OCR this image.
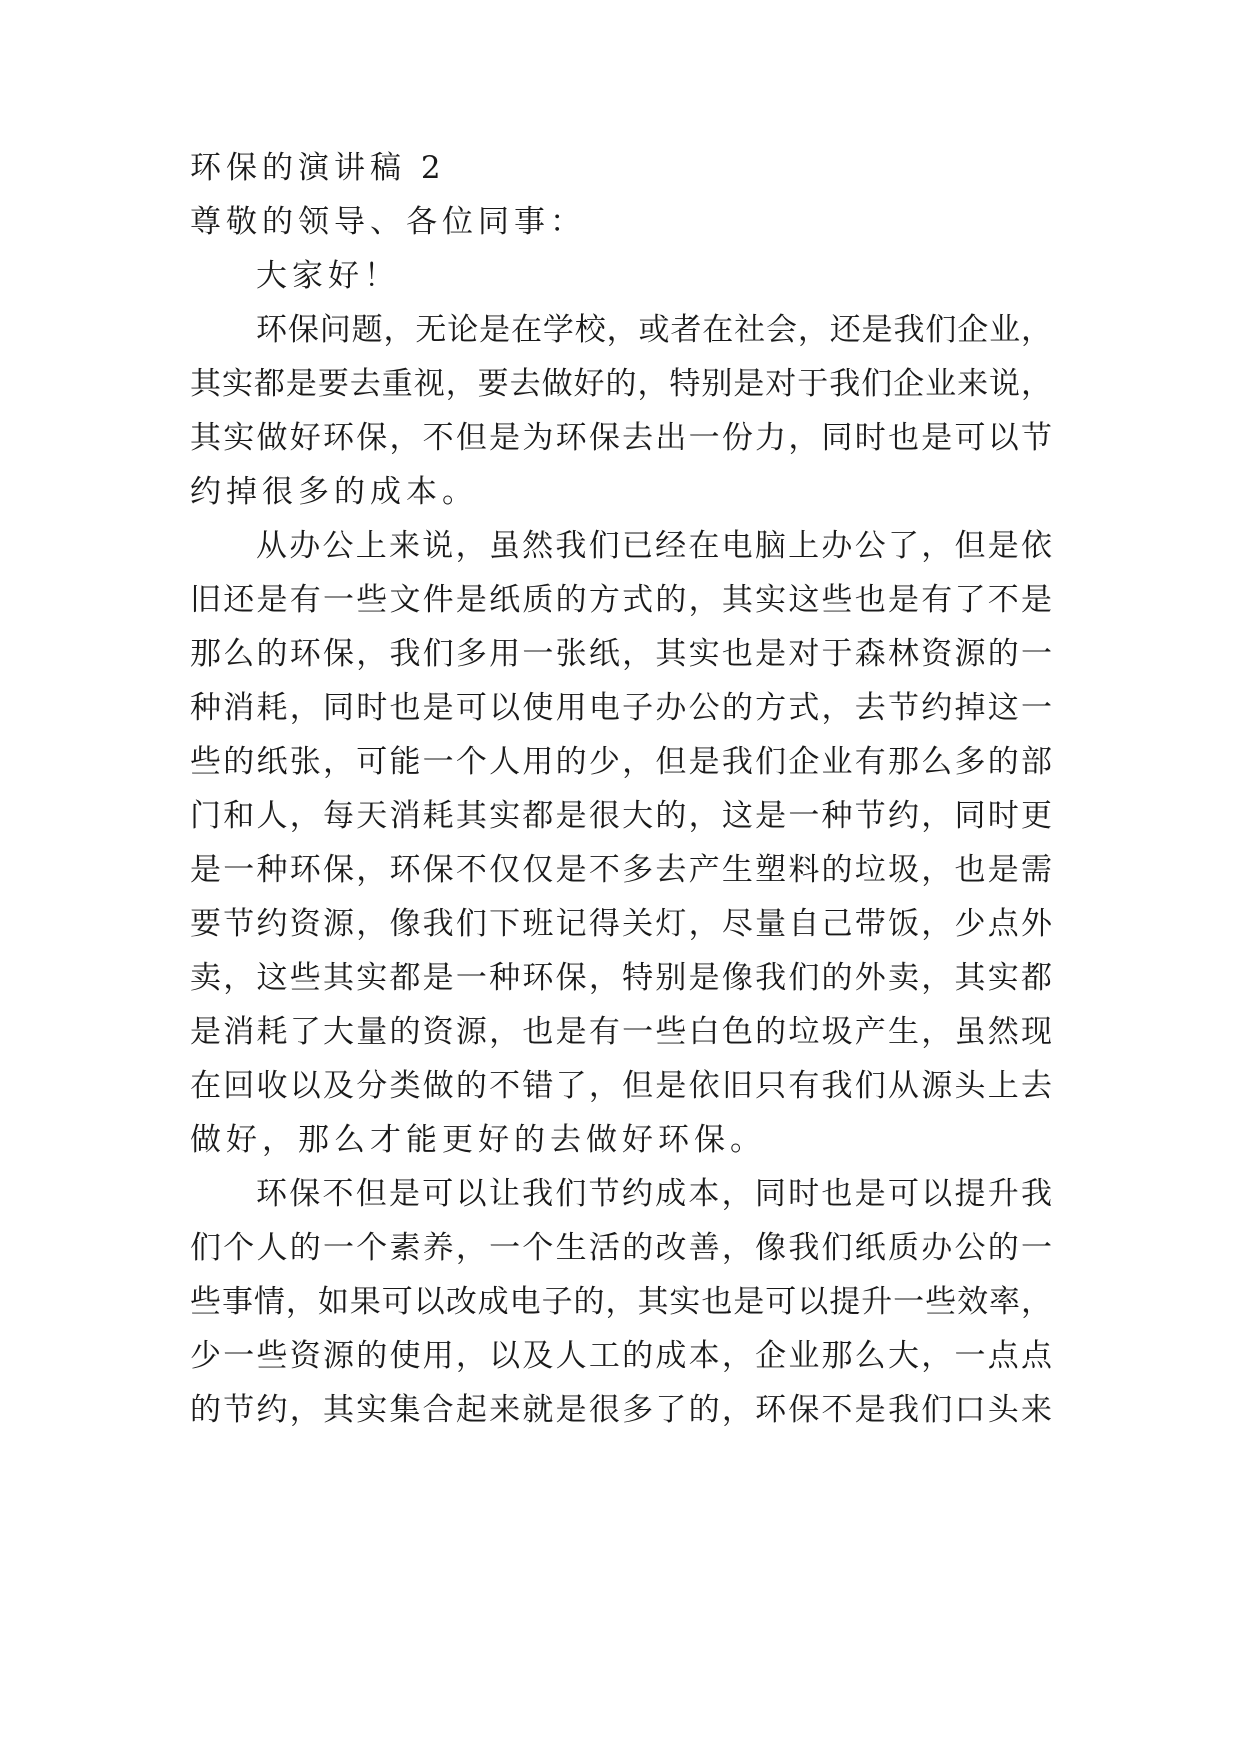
环保的演讲稿 2
尊敬的领导、各位同事：
大家好！
环保问题，无论是在学校，或者在社会，还是我们企业，
其实都是要去重视，要去做好的，特别是对于我们企业来说，
其实做好环保，不但是为环保去出一份力，同时也是可以节
约掉很多的成本。
从办公上来说，虽然我们已经在电脑上办公了，但是依
旧还是有一些文件是纸质的方式的，其实这些也是有了不是
那么的环保，我们多用一张纸，其实也是对于森林资源的一
种消耗，同时也是可以使用电子办公的方式，去节约掉这一
些的纸张，可能一个人用的少，但是我们企业有那么多的部
门和人，每天消耗其实都是很大的，这是一种节约，同时更
是一种环保，环保不仅仅是不多去产生塑料的垃圾，也是需
要节约资源，像我们下班记得关灯，尽量自己带饭，少点外
卖，这些其实都是一种环保，特别是像我们的外卖，其实都
是消耗了大量的资源，也是有一些白色的垃圾产生，虽然现
在回收以及分类做的不错了，但是依旧只有我们从源头上去
做好，那么才能更好的去做好环保。
环保不但是可以让我们节约成本，同时也是可以提升我
们个人的一个素养，一个生活的改善，像我们纸质办公的一
些事情，如果可以改成电子的，其实也是可以提升一些效率，
少一些资源的使用，以及人工的成本，企业那么大，一点点
的节约，其实集合起来就是很多了的，环保不是我们口头来
